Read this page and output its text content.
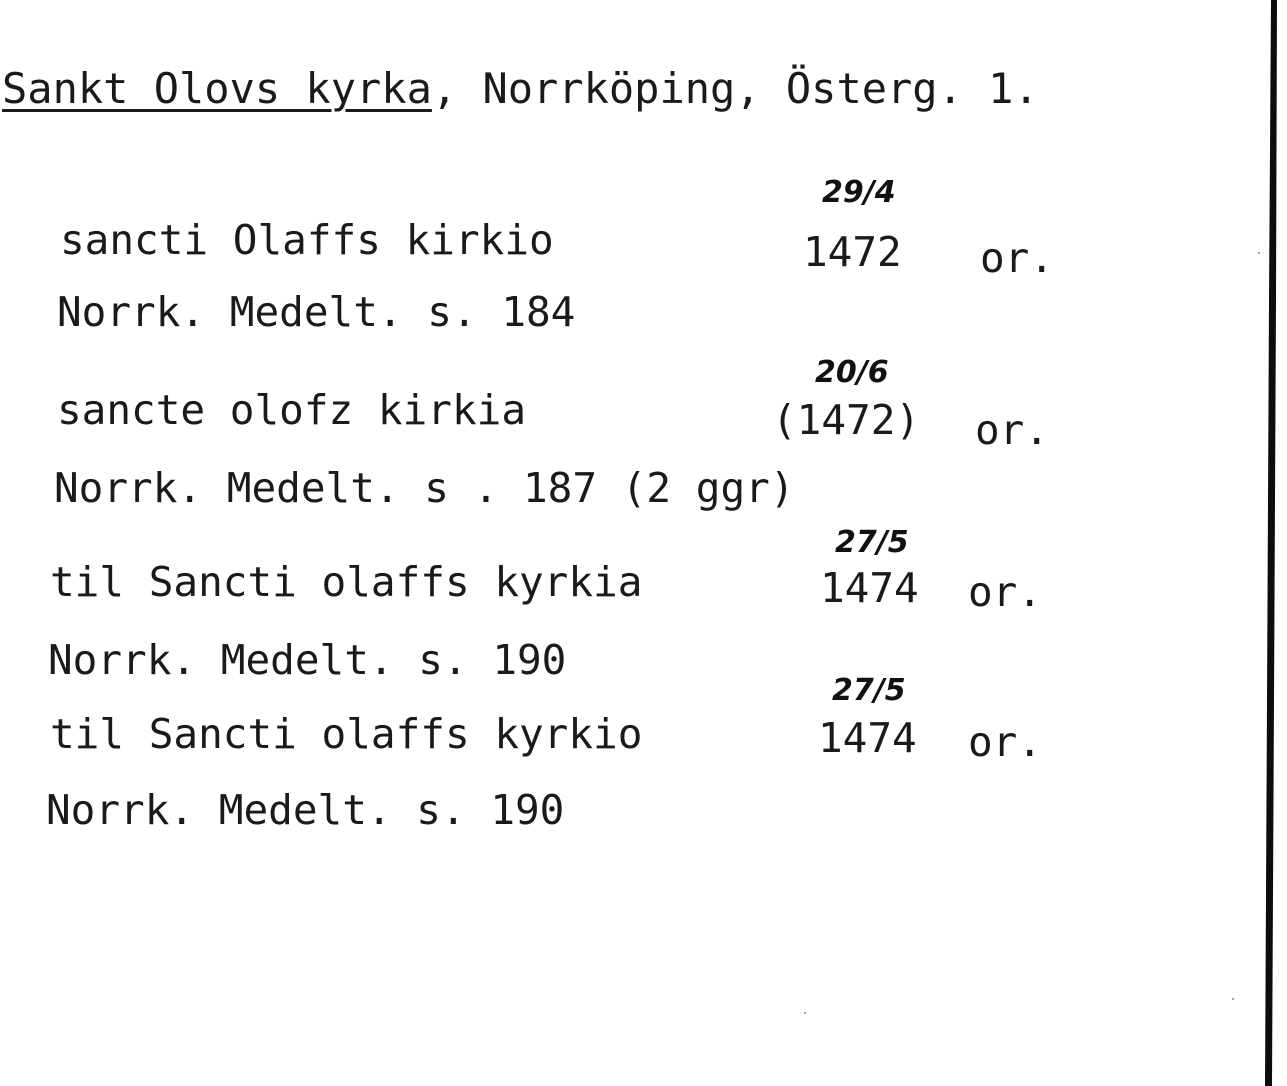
Sankt Olovs kyrka, Norrköping, Österg. 1.
29/4
sancti Olaffs kirkio	1472 or.
Norrk. Medelt. s. 184
20/6
sancte olofz kirkia	(1472) or.
Norrk. Medelt. s . 187 (2 ggr)
27/5
til Sancti olaffs kyrkia	1474 or.
Norrk. Medelt. s. 190
27/5
til Sancti olaffs kyrkio	1474 or.
Norrk. Medelt. s. 190
